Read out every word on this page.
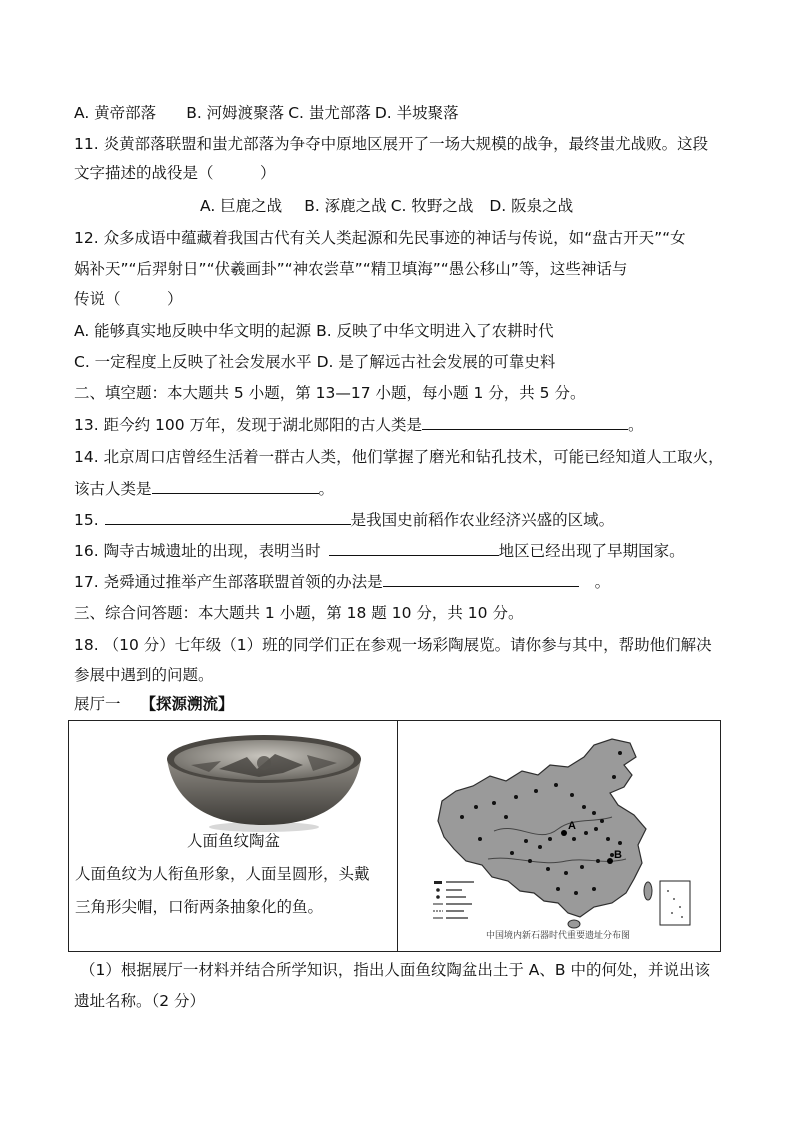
A. 黄帝部落 B. 河姆渡聚落 C. 蚩尤部落 D. 半坡聚落
11. 炎黄部落联盟和蚩尤部落为争夺中原地区展开了一场大规模的战争，最终蚩尤战败。这段
文字描述的战役是（　　　）
A. 巨鹿之战 B. 涿鹿之战 C. 牧野之战 D. 阪泉之战
12. 众多成语中蕴藏着我国古代有关人类起源和先民事迹的神话与传说，如“盘古开天”“女
娲补天”“后羿射日”“伏羲画卦”“神农尝草”“精卫填海”“愚公移山”等，这些神话与
传说（　　　）
A. 能够真实地反映中华文明的起源 B. 反映了中华文明进入了农耕时代
C. 一定程度上反映了社会发展水平 D. 是了解远古社会发展的可靠史料
二、填空题：本大题共 5 小题，第 13—17 小题，每小题 1 分，共 5 分。
13. 距今约 100 万年，发现于湖北郧阳的古人类是	。
14. 北京周口店曾经生活着一群古人类，他们掌握了磨光和钻孔技术，可能已经知道人工取火，
该古人类是	。
15.	是我国史前稻作农业经济兴盛的区域。
16. 陶寺古城遗址的出现，表明当时	地区已经出现了早期国家。
17. 尧舜通过推举产生部落联盟首领的办法是	。
三、综合问答题：本大题共 1 小题，第 18 题 10 分，共 10 分。
18. （10 分）七年级（1）班的同学们正在参观一场彩陶展览。请你参与其中，帮助他们解决
参展中遇到的问题。
展厅一 【探源溯流】
人面鱼纹陶盆
人面鱼纹为人衔鱼形象，人面呈圆形，头戴
三角形尖帽，口衔两条抽象化的鱼。
A
B
中国境内新石器时代重要遗址分布图
（1）根据展厅一材料并结合所学知识，指出人面鱼纹陶盆出土于 A、B 中的何处，并说出该
遗址名称。（2 分）
